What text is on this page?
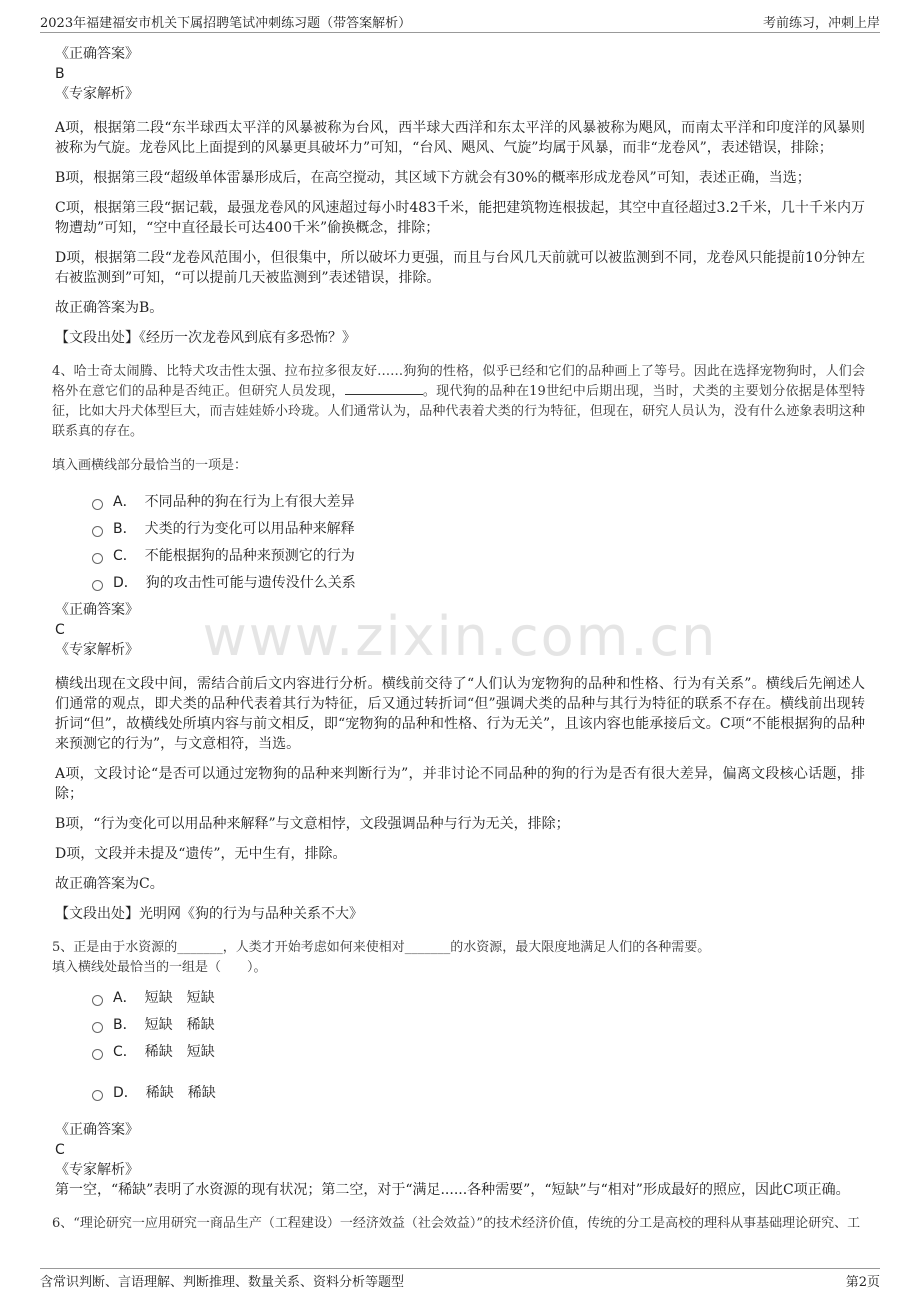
2023年福建福安市机关下属招聘笔试冲刺练习题（带答案解析）	考前练习，冲刺上岸
www.zixin.com.cn

《正确答案》

B

《专家解析》

A项，根据第二段“东半球西太平洋的风暴被称为台风，西半球大西洋和东太平洋的风暴被称为飓风，而南太平洋和印度洋的风暴则被称为气旋。龙卷风比上面提到的风暴更具破坏力”可知，“台风、飓风、气旋”均属于风暴，而非“龙卷风”，表述错误，排除；

B项，根据第三段“超级单体雷暴形成后，在高空搅动，其区域下方就会有30%的概率形成龙卷风”可知，表述正确，当选；

C项，根据第三段“据记载，最强龙卷风的风速超过每小时483千米，能把建筑物连根拔起，其空中直径超过3.2千米，几十千米内万物遭劫”可知，“空中直径最长可达400千米”偷换概念，排除；

D项，根据第二段“龙卷风范围小，但很集中，所以破坏力更强，而且与台风几天前就可以被监测到不同，龙卷风只能提前10分钟左右被监测到”可知，“可以提前几天被监测到”表述错误，排除。

故正确答案为B。

【文段出处】《经历一次龙卷风到底有多恐怖？》

4、哈士奇太闹腾、比特犬攻击性太强、拉布拉多很友好……狗狗的性格，似乎已经和它们的品种画上了等号。因此在选择宠物狗时，人们会格外在意它们的品种是否纯正。但研究人员发现，	。现代狗的品种在19世纪中后期出现，当时，犬类的主要划分依据是体型特征，比如大丹犬体型巨大，而吉娃娃娇小玲珑。人们通常认为，品种代表着犬类的行为特征，但现在，研究人员认为，没有什么迹象表明这种联系真的存在。

填入画横线部分最恰当的一项是：

A． 不同品种的狗在行为上有很大差异
B． 犬类的行为变化可以用品种来解释
C． 不能根据狗的品种来预测它的行为
D． 狗的攻击性可能与遗传没什么关系

《正确答案》

C

《专家解析》

横线出现在文段中间，需结合前后文内容进行分析。横线前交待了“人们认为宠物狗的品种和性格、行为有关系”。横线后先阐述人们通常的观点，即犬类的品种代表着其行为特征，后又通过转折词“但”强调犬类的品种与其行为特征的联系不存在。横线前出现转折词“但”，故横线处所填内容与前文相反，即“宠物狗的品种和性格、行为无关”，且该内容也能承接后文。C项“不能根据狗的品种来预测它的行为”，与文意相符，当选。

A项，文段讨论“是否可以通过宠物狗的品种来判断行为”，并非讨论不同品种的狗的行为是否有很大差异，偏离文段核心话题，排除；

B项，“行为变化可以用品种来解释”与文意相悖，文段强调品种与行为无关，排除；

D项，文段并未提及“遗传”，无中生有，排除。

故正确答案为C。

【文段出处】光明网《狗的行为与品种关系不大》

5、正是由于水资源的_______，人类才开始考虑如何来使相对_______的水资源，最大限度地满足人们的各种需要。

填入横线处最恰当的一组是（　　）。

A． 短缺　短缺
B． 短缺　稀缺
C． 稀缺　短缺
D． 稀缺　稀缺

《正确答案》

C

《专家解析》

第一空，“稀缺”表明了水资源的现有状况；第二空，对于“满足......各种需要”，“短缺”与“相对”形成最好的照应，因此C项正确。

6、“理论研究一应用研究一商品生产（工程建设）一经济效益（社会效益）”的技术经济价值，传统的分工是高校的理科从事基础理论研究、工

含常识判断、言语理解、判断推理、数量关系、资料分析等题型	第2页
